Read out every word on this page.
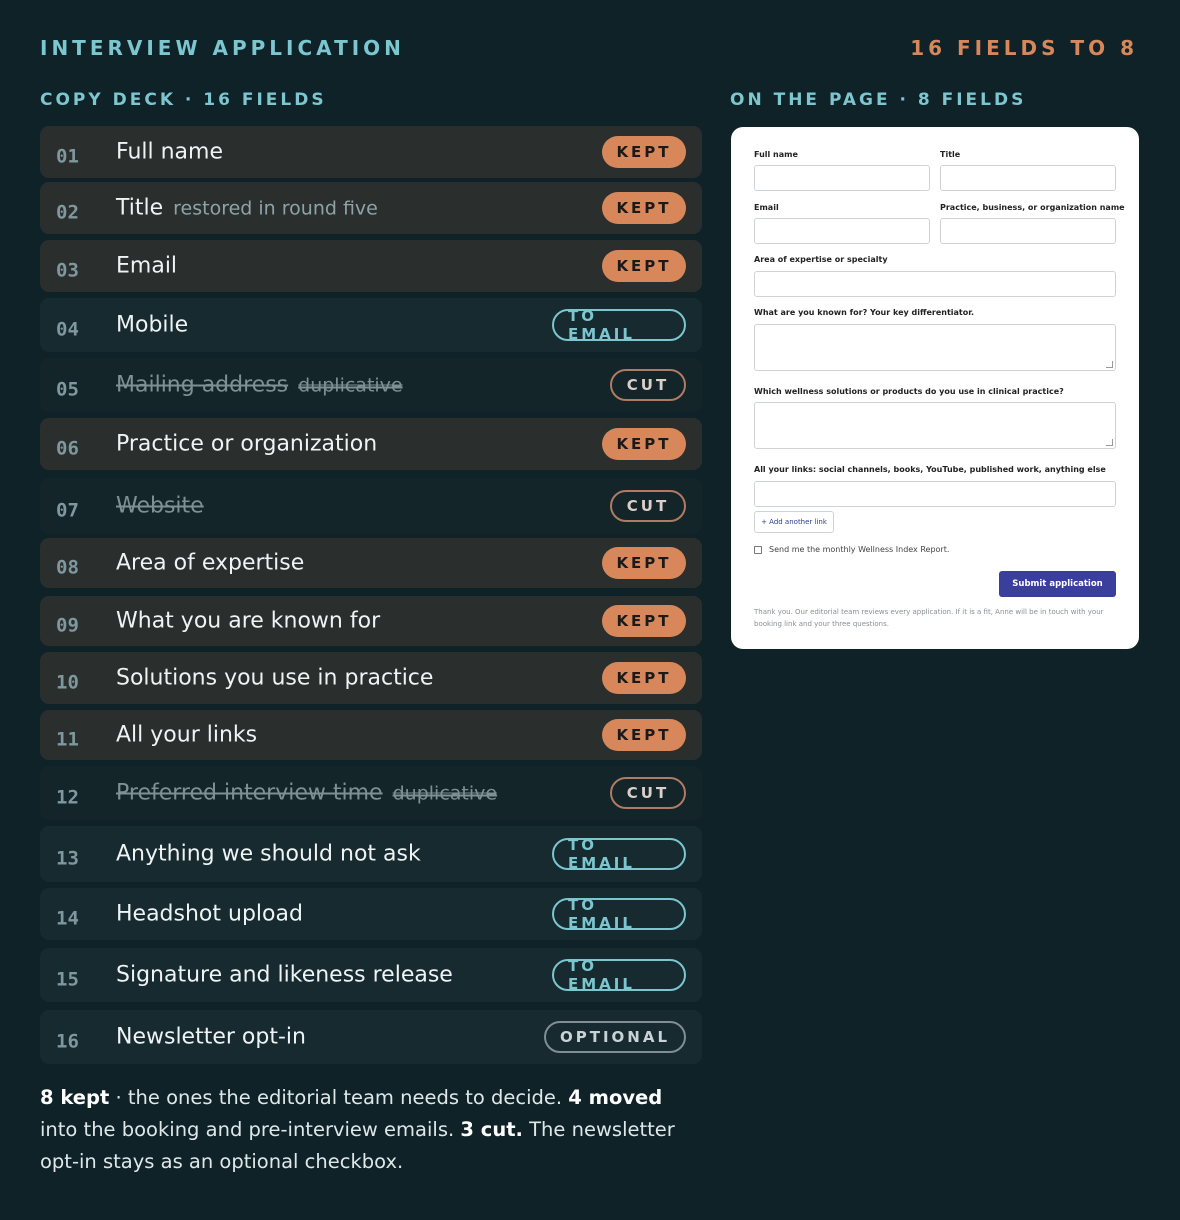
INTERVIEW APPLICATION	16 FIELDS TO 8
COPY DECK · 16 FIELDS	ON THE PAGE · 8 FIELDS
01 Full name	KEPT
02 Title restored in round five	KEPT
03 Email	KEPT
04 Mobile	TO EMAIL
05 Mailing address duplicative	CUT
06 Practice or organization	KEPT
07 Website	CUT
08 Area of expertise	KEPT
09 What you are known for	KEPT
10 Solutions you use in practice	KEPT
11 All your links	KEPT
12 Preferred interview time duplicative	CUT
13 Anything we should not ask	TO EMAIL
14 Headshot upload	TO EMAIL
15 Signature and likeness release	TO EMAIL
16 Newsletter opt-in	OPTIONAL
8 kept · the ones the editorial team needs to decide. 4 moved into the booking and pre-interview emails. 3 cut. The newsletter opt-in stays as an optional checkbox.
Full name	Title
Email	Practice, business, or organization name
Area of expertise or specialty
What are you known for? Your key differentiator.
Which wellness solutions or products do you use in clinical practice?
All your links: social channels, books, YouTube, published work, anything else
+ Add another link
Send me the monthly Wellness Index Report.
Submit application
Thank you. Our editorial team reviews every application. If it is a fit, Anne will be in touch with your booking link and your three questions.
